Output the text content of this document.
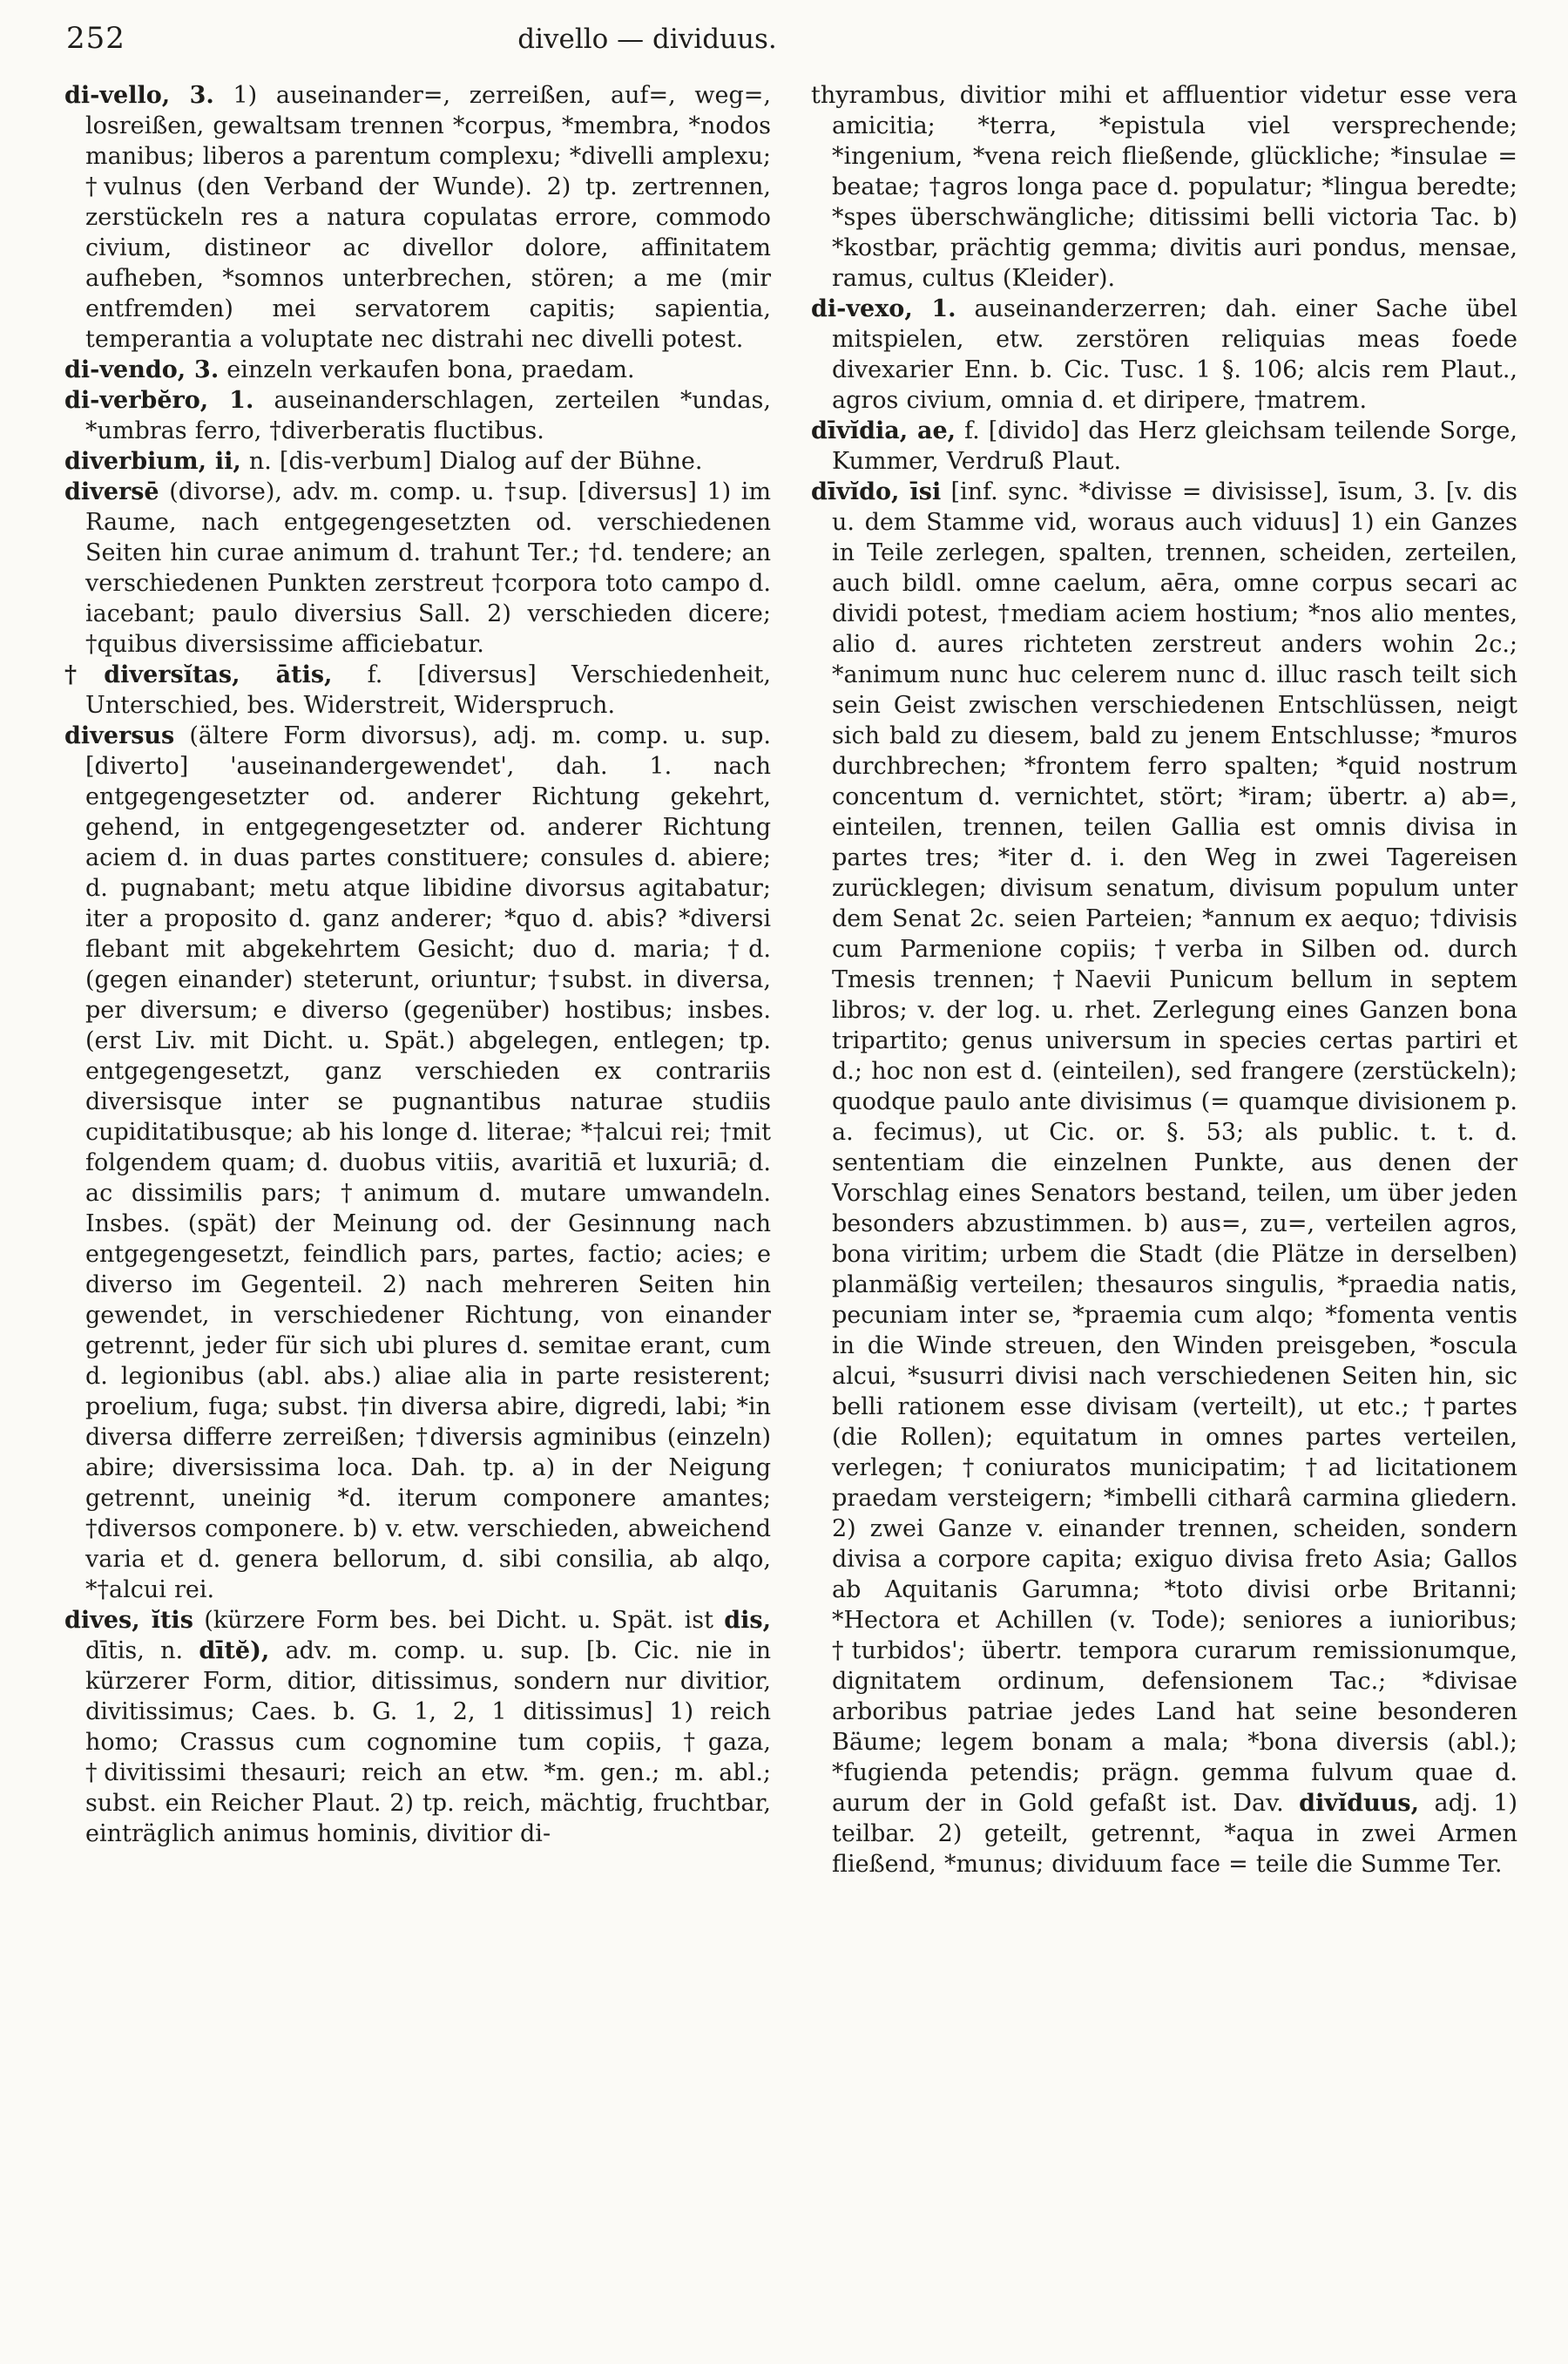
252	divello — dividuus.

di-vello, 3. 1) auseinander=, zerreißen, auf=, weg=, losreißen, gewaltsam trennen *corpus, *membra, *nodos manibus; liberos a parentum complexu; *divelli amplexu; †vulnus (den Verband der Wunde). 2) tp. zertrennen, zerstückeln res a natura copulatas errore, commodo civium, distineor ac divellor dolore, affinitatem aufheben, *somnos unterbrechen, stören; a me (mir entfremden) mei servatorem capitis; sapientia, temperantia a voluptate nec distrahi nec divelli potest.

di-vendo, 3. einzeln verkaufen bona, praedam.

di-verbĕro, 1. auseinanderschlagen, zerteilen *undas, *umbras ferro, †diverberatis fluctibus.

diverbium, ii, n. [dis-verbum] Dialog auf der Bühne.

diversē (divorse), adv. m. comp. u. †sup. [diversus] 1) im Raume, nach entgegengesetzten od. verschiedenen Seiten hin curae animum d. trahunt Ter.; †d. tendere; an verschiedenen Punkten zerstreut †corpora toto campo d. iacebant; paulo diversius Sall. 2) verschieden dicere; †quibus diversissime afficiebatur.

†diversĭtas, ātis, f. [diversus] Verschiedenheit, Unterschied, bes. Widerstreit, Widerspruch.

diversus (ältere Form divorsus), adj. m. comp. u. sup. [diverto] 'auseinandergewendet', dah. 1. nach entgegengesetzter od. anderer Richtung gekehrt, gehend, in entgegengesetzter od. anderer Richtung aciem d. in duas partes constituere; consules d. abiere; d. pugnabant; metu atque libidine divorsus agitabatur; iter a proposito d. ganz anderer; *quo d. abis? *diversi flebant mit abgekehrtem Gesicht; duo d. maria; †d. (gegen einander) steterunt, oriuntur; †subst. in diversa, per diversum; e diverso (gegenüber) hostibus; insbes. (erst Liv. mit Dicht. u. Spät.) abgelegen, entlegen; tp. entgegengesetzt, ganz verschieden ex contrariis diversisque inter se pugnantibus naturae studiis cupiditatibusque; ab his longe d. literae; *†alcui rei; †mit folgendem quam; d. duobus vitiis, avaritiā et luxuriā; d. ac dissimilis pars; †animum d. mutare umwandeln. Insbes. (spät) der Meinung od. der Gesinnung nach entgegengesetzt, feindlich pars, partes, factio; acies; e diverso im Gegenteil. 2) nach mehreren Seiten hin gewendet, in verschiedener Richtung, von einander getrennt, jeder für sich ubi plures d. semitae erant, cum d. legionibus (abl. abs.) aliae alia in parte resisterent; proelium, fuga; subst. †in diversa abire, digredi, labi; *in diversa differre zerreißen; †diversis agminibus (einzeln) abire; diversissima loca. Dah. tp. a) in der Neigung getrennt, uneinig *d. iterum componere amantes; †diversos componere. b) v. etw. verschieden, abweichend varia et d. genera bellorum, d. sibi consilia, ab alqo, *†alcui rei.

dives, ĭtis (kürzere Form bes. bei Dicht. u. Spät. ist dis, dītis, n. dītĕ), adv. m. comp. u. sup. [b. Cic. nie in kürzerer Form, ditior, ditissimus, sondern nur divitior, divitissimus; Caes. b. G. 1, 2, 1 ditissimus] 1) reich homo; Crassus cum cognomine tum copiis, †gaza, †divitissimi thesauri; reich an etw. *m. gen.; m. abl.; subst. ein Reicher Plaut. 2) tp. reich, mächtig, fruchtbar, einträglich animus hominis, divitior di-

thyrambus, divitior mihi et affluentior videtur esse vera amicitia; *terra, *epistula viel versprechende; *ingenium, *vena reich fließende, glückliche; *insulae = beatae; †agros longa pace d. populatur; *lingua beredte; *spes überschwängliche; ditissimi belli victoria Tac. b) *kostbar, prächtig gemma; divitis auri pondus, mensae, ramus, cultus (Kleider).

di-vexo, 1. auseinanderzerren; dah. einer Sache übel mitspielen, etw. zerstören reliquias meas foede divexarier Enn. b. Cic. Tusc. 1 §. 106; alcis rem Plaut., agros civium, omnia d. et diripere, †matrem.

dīvĭdia, ae, f. [divido] das Herz gleichsam teilende Sorge, Kummer, Verdruß Plaut.

dīvĭdo, īsi [inf. sync. *divisse = divisisse], īsum, 3. [v. dis u. dem Stamme vid, woraus auch viduus] 1) ein Ganzes in Teile zerlegen, spalten, trennen, scheiden, zerteilen, auch bildl. omne caelum, aēra, omne corpus secari ac dividi potest, †mediam aciem hostium; *nos alio mentes, alio d. aures richteten zerstreut anders wohin 2c.; *animum nunc huc celerem nunc d. illuc rasch teilt sich sein Geist zwischen verschiedenen Entschlüssen, neigt sich bald zu diesem, bald zu jenem Entschlusse; *muros durchbrechen; *frontem ferro spalten; *quid nostrum concentum d. vernichtet, stört; *iram; übertr. a) ab=, einteilen, trennen, teilen Gallia est omnis divisa in partes tres; *iter d. i. den Weg in zwei Tagereisen zurücklegen; divisum senatum, divisum populum unter dem Senat 2c. seien Parteien; *annum ex aequo; †divisis cum Parmenione copiis; †verba in Silben od. durch Tmesis trennen; †Naevii Punicum bellum in septem libros; v. der log. u. rhet. Zerlegung eines Ganzen bona tripartito; genus universum in species certas partiri et d.; hoc non est d. (einteilen), sed frangere (zerstückeln); quodque paulo ante divisimus (= quamque divisionem p. a. fecimus), ut Cic. or. §. 53; als public. t. t. d. sententiam die einzelnen Punkte, aus denen der Vorschlag eines Senators bestand, teilen, um über jeden besonders abzustimmen. b) aus=, zu=, verteilen agros, bona viritim; urbem die Stadt (die Plätze in derselben) planmäßig verteilen; thesauros singulis, *praedia natis, pecuniam inter se, *praemia cum alqo; *fomenta ventis in die Winde streuen, den Winden preisgeben, *oscula alcui, *susurri divisi nach verschiedenen Seiten hin, sic belli rationem esse divisam (verteilt), ut etc.; †partes (die Rollen); equitatum in omnes partes verteilen, verlegen; †coniuratos municipatim; †ad licitationem praedam versteigern; *imbelli citharâ carmina gliedern. 2) zwei Ganze v. einander trennen, scheiden, sondern divisa a corpore capita; exiguo divisa freto Asia; Gallos ab Aquitanis Garumna; *toto divisi orbe Britanni; *Hectora et Achillen (v. Tode); seniores a iunioribus; †turbidos'; übertr. tempora curarum remissionumque, dignitatem ordinum, defensionem Tac.; *divisae arboribus patriae jedes Land hat seine besonderen Bäume; legem bonam a mala; *bona diversis (abl.); *fugienda petendis; prägn. gemma fulvum quae d. aurum der in Gold gefaßt ist. Dav. divĭduus, adj. 1) teilbar. 2) geteilt, getrennt, *aqua in zwei Armen fließend, *munus; dividuum face = teile die Summe Ter.
